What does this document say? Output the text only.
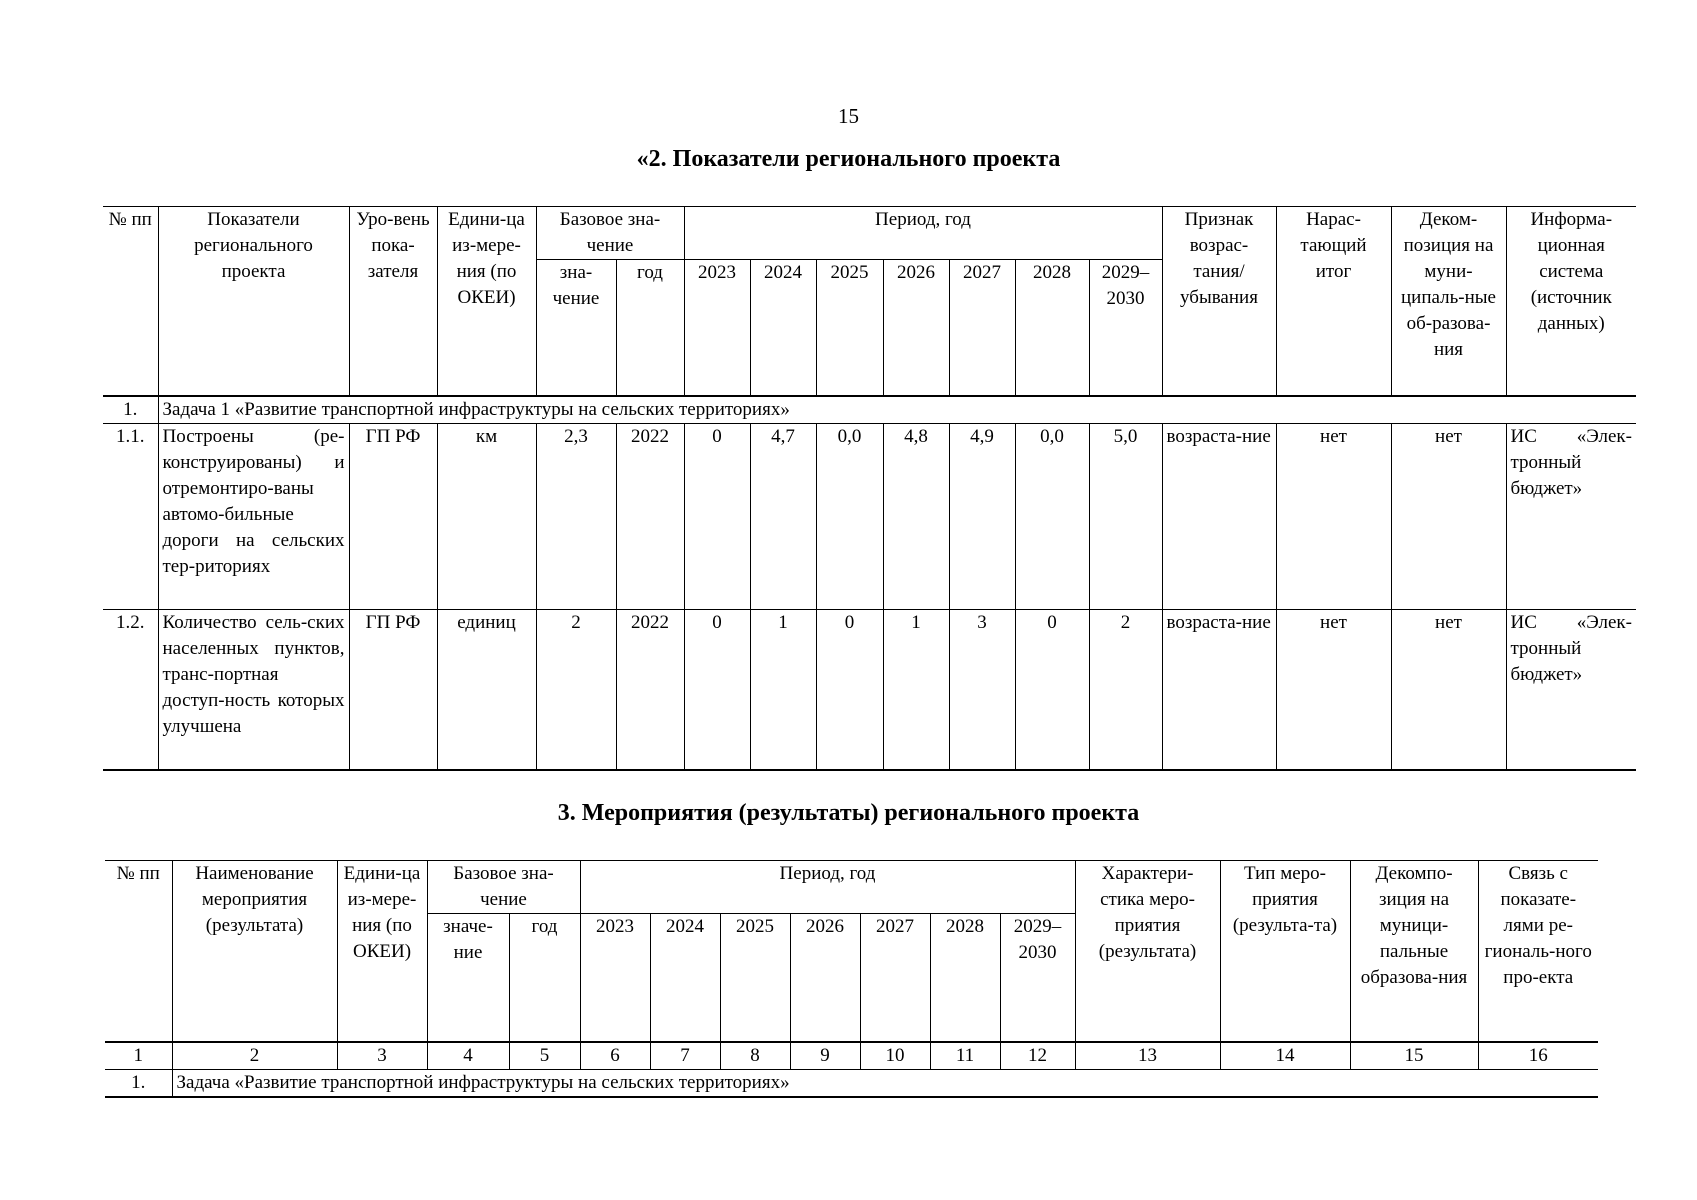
15
«2. Показатели регионального проекта
№ пп	Показатели регионального проекта	Уро-вень пока-зателя	Едини-ца из-мере-ния (по ОКЕИ)	Базовое зна-чение		Период, год							Признак возрас-тания/ убывания	Нарас-тающий итог	Деком-позиция на муни-ципаль-ные об-разова-ния	Информа-ционная система (источник данных)
				зна-чение	год	2023	2024	2025	2026	2027	2028	2029–2030				
1.	Задача 1 «Развитие транспортной инфраструктуры на сельских территориях»															
1.1.	Построены (ре-конструированы) и отремонтиро-ваны автомо-бильные дороги на сельских тер-риториях	ГП РФ	км	2,3	2022	0	4,7	0,0	4,8	4,9	0,0	5,0	возраста-ние	нет	нет	ИС «Элек-тронный бюджет»
1.2.	Количество сель-ских населенных пунктов, транс-портная доступ-ность которых улучшена	ГП РФ	единиц	2	2022	0	1	0	1	3	0	2	возраста-ние	нет	нет	ИС «Элек-тронный бюджет»
3. Мероприятия (результаты) регионального проекта
№ пп	Наименование мероприятия (результата)	Едини-ца из-мере-ния (по ОКЕИ)	Базовое зна-чение		Период, год							Характери-стика меро-приятия (результата)	Тип меро-приятия (результа-та)	Декомпо-зиция на муници-пальные образова-ния	Связь с показате-лями ре-гиональ-ного про-екта
			значе-ние	год	2023	2024	2025	2026	2027	2028	2029–2030				
1	2	3	4	5	6	7	8	9	10	11	12	13	14	15	16
1.	Задача «Развитие транспортной инфраструктуры на сельских территориях»														
